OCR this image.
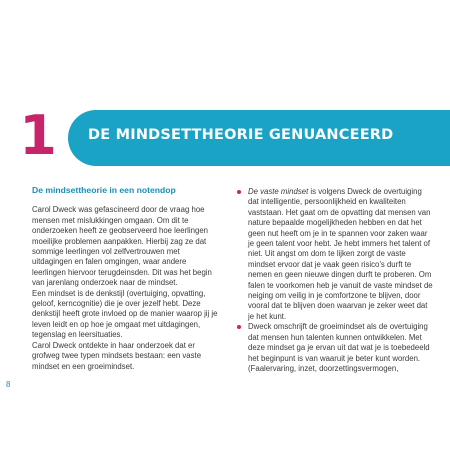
1 DE MINDSETTHEORIE GENUANCEERD
De mindsettheorie in een notendop

Carol Dweck was gefascineerd door de vraag hoe mensen met mislukkingen omgaan. Om dit te onderzoeken heeft ze geobserveerd hoe leerlingen moeilijke problemen aanpakken. Hierbij zag ze dat sommige leerlingen vol zelfvertrouwen met uitdagingen en falen omgingen, waar andere leerlingen hiervoor terugdeinsden. Dit was het begin van jarenlang onderzoek naar de mindset.

Een mindset is de denkstijl (overtuiging, opvatting, geloof, kerncognitie) die je over jezelf hebt. Deze denkstijl heeft grote invloed op de manier waarop jij je leven leidt en op hoe je omgaat met uitdagingen, tegenslag en leersituaties.

Carol Dweck ontdekte in haar onderzoek dat er grofweg twee typen mindsets bestaan: een vaste mindset en een groeimindset.

De vaste mindset is volgens Dweck de overtuiging dat intelligentie, persoonlijkheid en kwaliteiten vaststaan. Het gaat om de opvatting dat mensen van nature bepaalde mogelijkheden hebben en dat het geen nut heeft om je in te spannen voor zaken waar je geen talent voor hebt. Je hebt immers het talent of niet. Uit angst om dom te lijken zorgt de vaste mindset ervoor dat je vaak geen risico’s durft te nemen en geen nieuwe dingen durft te proberen. Om falen te voorkomen heb je vanuit de vaste mindset de neiging om veilig in je comfortzone te blijven, door vooral dat te blijven doen waarvan je zeker weet dat je het kunt.
Dweck omschrijft de groeimindset als de overtuiging dat mensen hun talenten kunnen ontwikkelen. Met deze mindset ga je ervan uit dat wat je is toebedeeld het beginpunt is van waaruit je beter kunt worden. (Faalervaring, inzet, doorzettingsvermogen,
8
